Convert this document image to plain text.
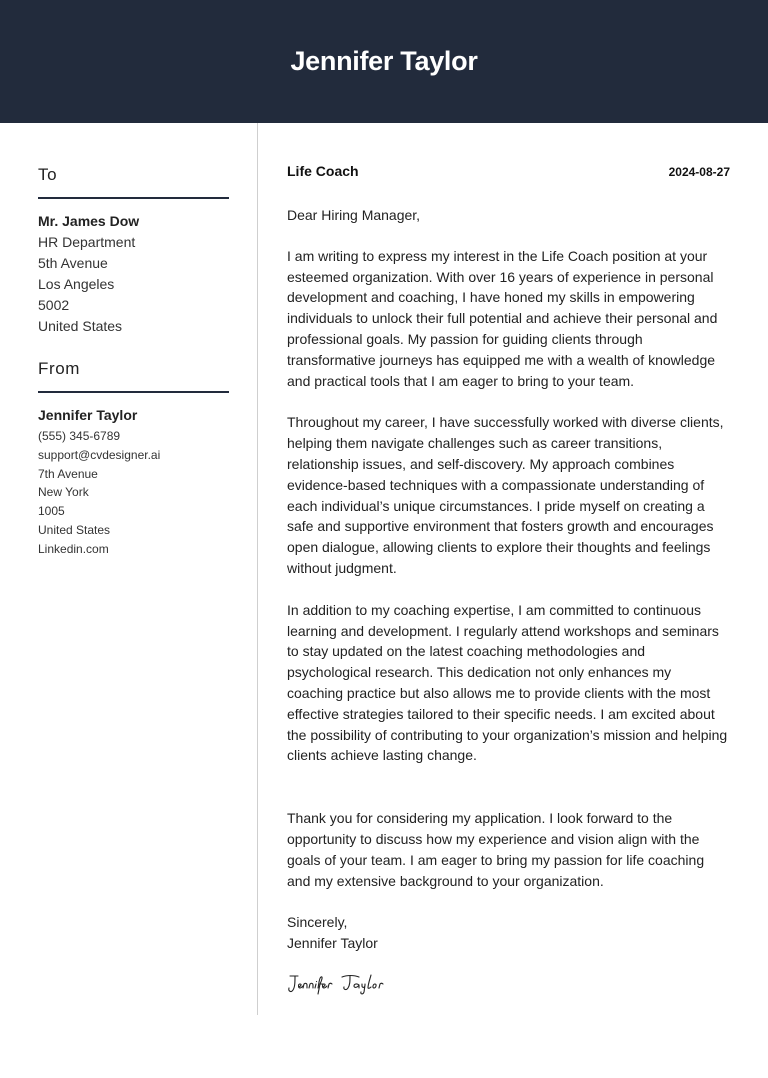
Jennifer Taylor
To
Mr. James Dow
HR Department
5th Avenue
Los Angeles
5002
United States
From
Jennifer Taylor
(555) 345-6789
support@cvdesigner.ai
7th Avenue
New York
1005
United States
Linkedin.com
Life Coach	2024-08-27

Dear Hiring Manager,

I am writing to express my interest in the Life Coach position at your esteemed organization. With over 16 years of experience in personal development and coaching, I have honed my skills in empowering individuals to unlock their full potential and achieve their personal and professional goals. My passion for guiding clients through transformative journeys has equipped me with a wealth of knowledge and practical tools that I am eager to bring to your team.

Throughout my career, I have successfully worked with diverse clients, helping them navigate challenges such as career transitions, relationship issues, and self-discovery. My approach combines evidence-based techniques with a compassionate understanding of each individual’s unique circumstances. I pride myself on creating a safe and supportive environment that fosters growth and encourages open dialogue, allowing clients to explore their thoughts and feelings without judgment.

In addition to my coaching expertise, I am committed to continuous learning and development. I regularly attend workshops and seminars to stay updated on the latest coaching methodologies and psychological research. This dedication not only enhances my coaching practice but also allows me to provide clients with the most effective strategies tailored to their specific needs. I am excited about the possibility of contributing to your organization’s mission and helping clients achieve lasting change.

Thank you for considering my application. I look forward to the opportunity to discuss how my experience and vision align with the goals of your team. I am eager to bring my passion for life coaching and my extensive background to your organization.

Sincerely,
Jennifer Taylor
